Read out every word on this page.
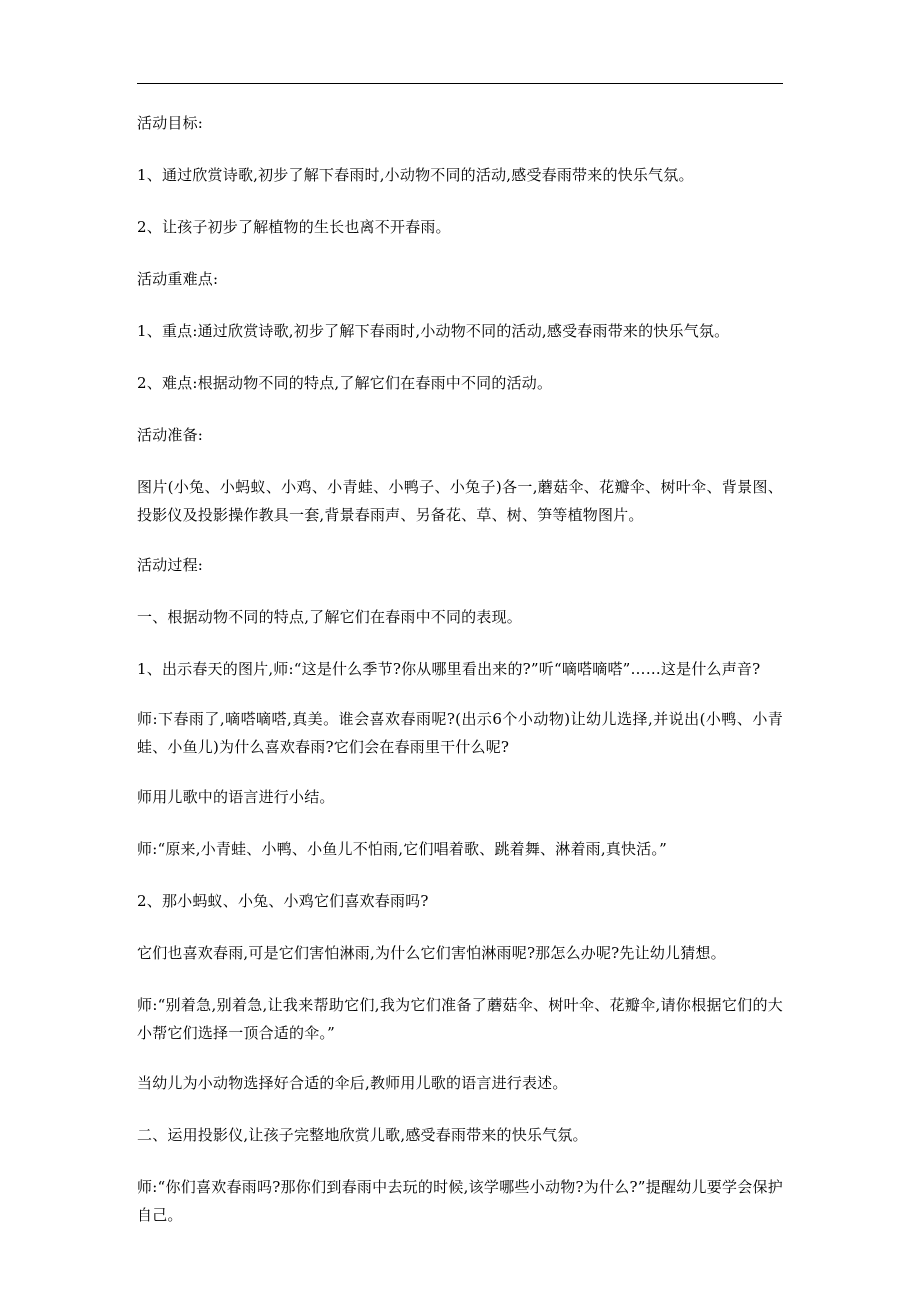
活动目标:

1、通过欣赏诗歌,初步了解下春雨时,小动物不同的活动,感受春雨带来的快乐气氛。

2、让孩子初步了解植物的生长也离不开春雨。

活动重难点:

1、重点:通过欣赏诗歌,初步了解下春雨时,小动物不同的活动,感受春雨带来的快乐气氛。

2、难点:根据动物不同的特点,了解它们在春雨中不同的活动。

活动准备:

图片(小兔、小蚂蚁、小鸡、小青蛙、小鸭子、小兔子)各一,蘑菇伞、花瓣伞、树叶伞、背景图、投影仪及投影操作教具一套,背景春雨声、另备花、草、树、笋等植物图片。

活动过程:

一、根据动物不同的特点,了解它们在春雨中不同的表现。

1、出示春天的图片,师:“这是什么季节?你从哪里看出来的?”听“嘀嗒嘀嗒”……这是什么声音?

师:下春雨了,嘀嗒嘀嗒,真美。谁会喜欢春雨呢?(出示6个小动物)让幼儿选择,并说出(小鸭、小青蛙、小鱼儿)为什么喜欢春雨?它们会在春雨里干什么呢?

师用儿歌中的语言进行小结。

师:“原来,小青蛙、小鸭、小鱼儿不怕雨,它们唱着歌、跳着舞、淋着雨,真快活。”

2、那小蚂蚁、小兔、小鸡它们喜欢春雨吗?

它们也喜欢春雨,可是它们害怕淋雨,为什么它们害怕淋雨呢?那怎么办呢?先让幼儿猜想。

师:“别着急,别着急,让我来帮助它们,我为它们准备了蘑菇伞、树叶伞、花瓣伞,请你根据它们的大小帮它们选择一顶合适的伞。”

当幼儿为小动物选择好合适的伞后,教师用儿歌的语言进行表述。

二、运用投影仪,让孩子完整地欣赏儿歌,感受春雨带来的快乐气氛。

师:“你们喜欢春雨吗?那你们到春雨中去玩的时候,该学哪些小动物?为什么?”提醒幼儿要学会保护自己。
